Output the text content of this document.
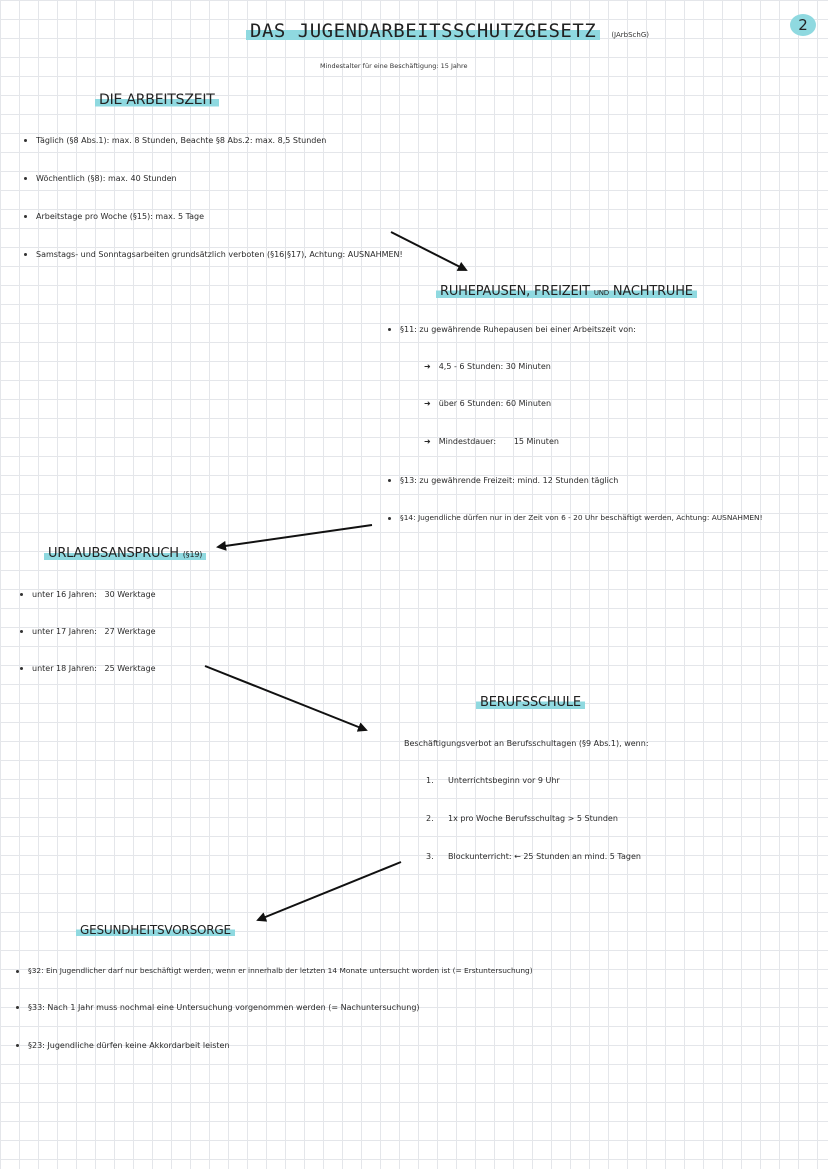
2
DAS JUGENDARBEITSSCHUTZGESETZ (JArbSchG)
Mindestalter für eine Beschäftigung: 15 Jahre
DIE ARBEITSZEIT
Täglich (§8 Abs.1): max. 8 Stunden, Beachte §8 Abs.2: max. 8,5 Stunden
Wöchentlich (§8): max. 40 Stunden
Arbeitstage pro Woche (§15): max. 5 Tage
Samstags- und Sonntagsarbeiten grundsätzlich verboten (§16|§17), Achtung: AUSNAHMEN!
RUHEPAUSEN, FREIZEIT UND NACHTRUHE
§11: zu gewährende Ruhepausen bei einer Arbeitszeit von:
➜ 4,5 - 6 Stunden: 30 Minuten
➜ über 6 Stunden: 60 Minuten
➜ Mindestdauer:       15 Minuten
§13: zu gewährende Freizeit: mind. 12 Stunden täglich
§14: Jugendliche dürfen nur in der Zeit von 6 - 20 Uhr beschäftigt werden, Achtung: AUSNAHMEN!
URLAUBSANSPRUCH (§19)
unter 16 Jahren:   30 Werktage
unter 17 Jahren:   27 Werktage
unter 18 Jahren:   25 Werktage
BERUFSSCHULE
Beschäftigungsverbot an Berufsschultagen (§9 Abs.1), wenn:
1. Unterrichtsbeginn vor 9 Uhr
2. 1x pro Woche Berufsschultag > 5 Stunden
3. Blockunterricht: ← 25 Stunden an mind. 5 Tagen
GESUNDHEITSVORSORGE
§32: Ein Jugendlicher darf nur beschäftigt werden, wenn er innerhalb der letzten 14 Monate untersucht worden ist (= Erstuntersuchung)
§33: Nach 1 Jahr muss nochmal eine Untersuchung vorgenommen werden (= Nachuntersuchung)
§23: Jugendliche dürfen keine Akkordarbeit leisten
